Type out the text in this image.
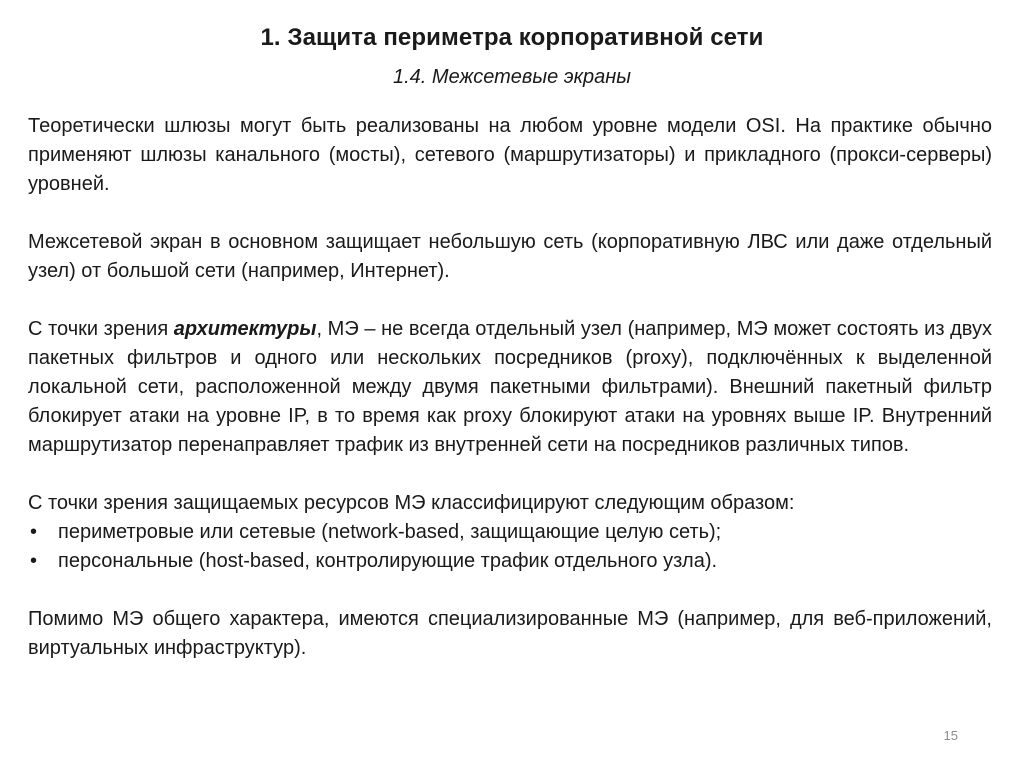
1. Защита периметра корпоративной сети
1.4. Межсетевые экраны

Теоретически шлюзы могут быть реализованы на любом уровне модели OSI. На практике обычно применяют шлюзы канального (мосты), сетевого (маршрутизаторы) и прикладного (прокси-серверы) уровней.

Межсетевой экран в основном защищает небольшую сеть (корпоративную ЛВС или даже отдельный узел) от большой сети (например, Интернет).

С точки зрения архитектуры, МЭ – не всегда отдельный узел (например, МЭ может состоять из двух пакетных фильтров и одного или нескольких посредников (proxy), подключённых к выделенной локальной сети, расположенной между двумя пакетными фильтрами). Внешний пакетный фильтр блокирует атаки на уровне IP, в то время как proxy блокируют атаки на уровнях выше IP. Внутренний маршрутизатор перенаправляет трафик из внутренней сети на посредников различных типов.

С точки зрения защищаемых ресурсов МЭ классифицируют следующим образом:

• периметровые или сетевые (network-based, защищающие целую сеть);
• персональные (host-based, контролирующие трафик отдельного узла).

Помимо МЭ общего характера, имеются специализированные МЭ (например, для веб-приложений, виртуальных инфраструктур).

15
